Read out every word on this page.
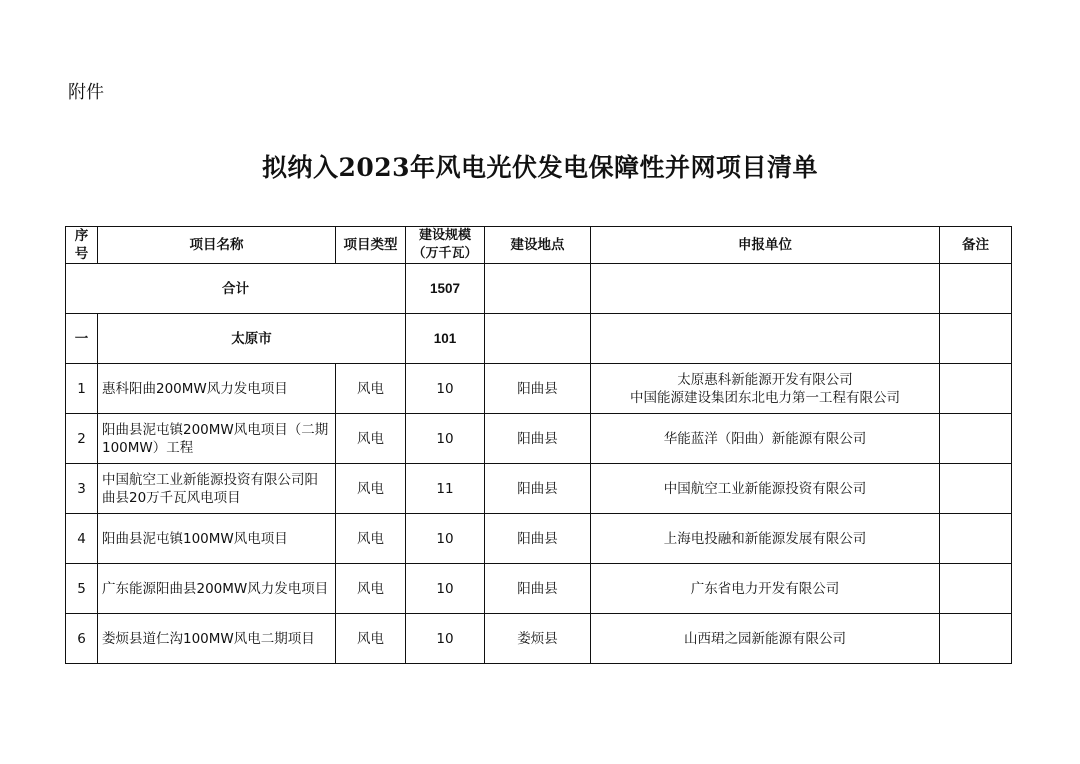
附件
拟纳入2023年风电光伏发电保障性并网项目清单
序号	项目名称	项目类型	建设规模（万千瓦）	建设地点	申报单位	备注
合计			1507			
一	太原市		101			
1	惠科阳曲200MW风力发电项目	风电	10	阳曲县	太原惠科新能源开发有限公司
中国能源建设集团东北电力第一工程有限公司	

2	阳曲县泥屯镇200MW风电项目（二期100MW）工程	风电	10	阳曲县	华能蓝洋（阳曲）新能源有限公司	

3	中国航空工业新能源投资有限公司阳曲县20万千瓦风电项目	风电	11	阳曲县	中国航空工业新能源投资有限公司	

4	阳曲县泥屯镇100MW风电项目	风电	10	阳曲县	上海电投融和新能源发展有限公司	

5	广东能源阳曲县200MW风力发电项目	风电	10	阳曲县	广东省电力开发有限公司	

6	娄烦县道仁沟100MW风电二期项目	风电	10	娄烦县	山西珺之园新能源有限公司	
